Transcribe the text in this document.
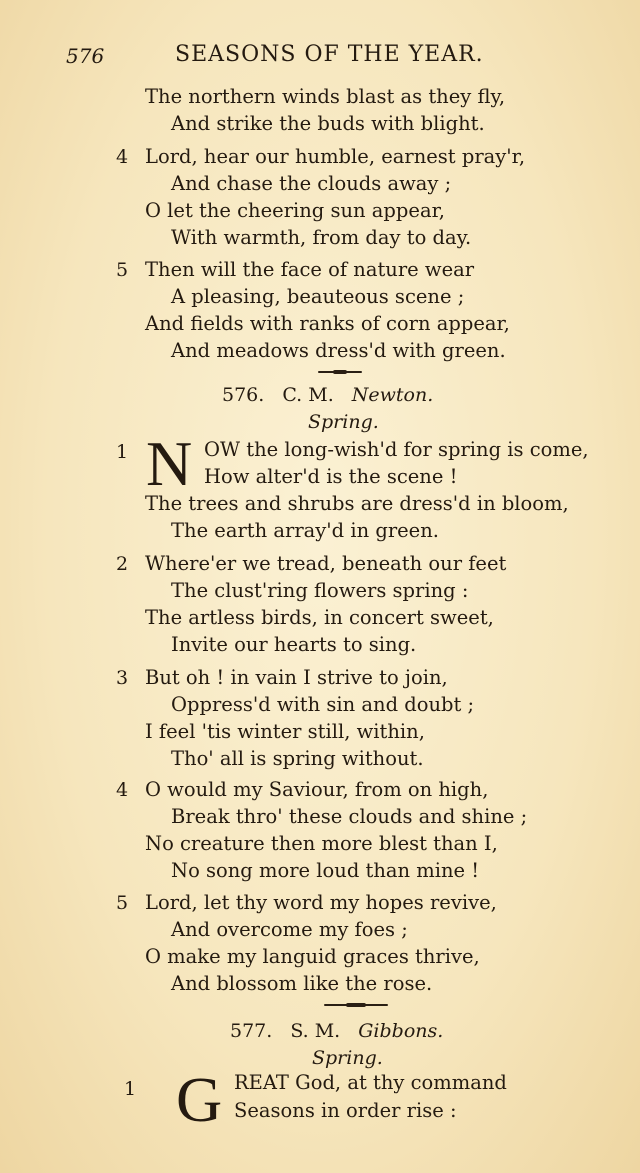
576	SEASONS OF THE YEAR.
The northern winds blast as they fly,
And strike the buds with blight.
4 Lord, hear our humble, earnest pray'r,
And chase the clouds away ;
O let the cheering sun appear,
With warmth, from day to day.
5 Then will the face of nature wear
A pleasing, beauteous scene ;
And fields with ranks of corn appear,
And meadows dress'd with green.
576. C. M. Newton.
Spring.
1 N OW the long-wish'd for spring is come,
How alter'd is the scene !
The trees and shrubs are dress'd in bloom,
The earth array'd in green.
2 Where'er we tread, beneath our feet
The clust'ring flowers spring :
The artless birds, in concert sweet,
Invite our hearts to sing.
3 But oh ! in vain I strive to join,
Oppress'd with sin and doubt ;
I feel 'tis winter still, within,
Tho' all is spring without.
4 O would my Saviour, from on high,
Break thro' these clouds and shine ;
No creature then more blest than I,
No song more loud than mine !
5 Lord, let thy word my hopes revive,
And overcome my foes ;
O make my languid graces thrive,
And blossom like the rose.
577. S. M. Gibbons.
Spring.
1 G REAT God, at thy command
Seasons in order rise :
